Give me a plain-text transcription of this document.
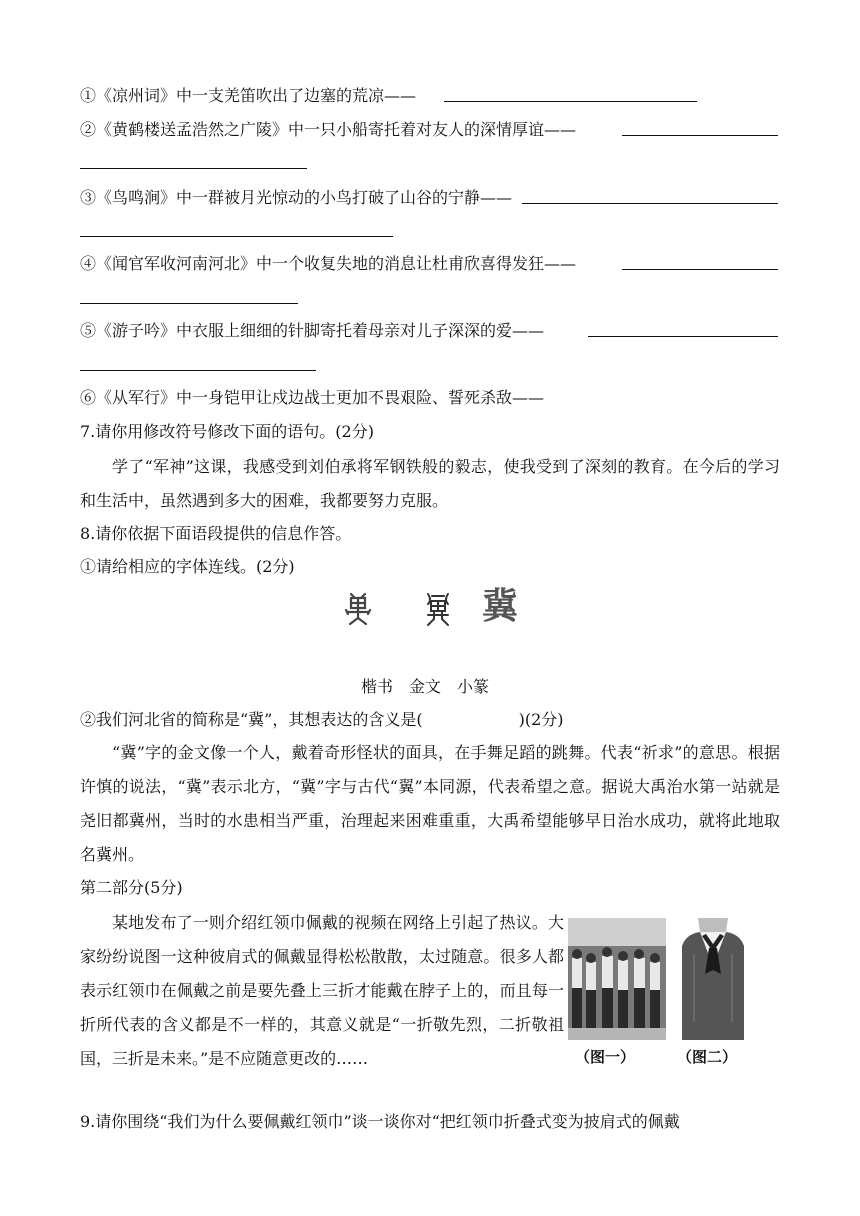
①《凉州词》中一支羌笛吹出了边塞的荒凉——
②《黄鹤楼送孟浩然之广陵》中一只小船寄托着对友人的深情厚谊——
③《鸟鸣涧》中一群被月光惊动的小鸟打破了山谷的宁静——
④《闻官军收河南河北》中一个收复失地的消息让杜甫欣喜得发狂——
⑤《游子吟》中衣服上细细的针脚寄托着母亲对儿子深深的爱——
⑥《从军行》中一身铠甲让戍边战士更加不畏艰险、誓死杀敌——
7.请你用修改符号修改下面的语句。(2分)
学了“军神”这课，我感受到刘伯承将军钢铁般的毅志，使我受到了深刻的教育。在今后的学习和生活中，虽然遇到多大的困难，我都要努力克服。
8.请你依据下面语段提供的信息作答。
①请给相应的字体连线。(2分)
冀
楷书　金文　小篆
②我们河北省的简称是“冀”，其想表达的含义是(	)(2分)
“冀”字的金文像一个人，戴着奇形怪状的面具，在手舞足蹈的跳舞。代表“祈求”的意思。根据许慎的说法，“冀”表示北方，“冀”字与古代“翼”本同源，代表希望之意。据说大禹治水第一站就是尧旧都冀州，当时的水患相当严重，治理起来困难重重，大禹希望能够早日治水成功，就将此地取名冀州。
第二部分(5分)
某地发布了一则介绍红领巾佩戴的视频在网络上引起了热议。大家纷纷说图一这种彼肩式的佩戴显得松松散散，太过随意。很多人都表示红领巾在佩戴之前是要先叠上三折才能戴在脖子上的，而且每一折所代表的含义都是不一样的，其意义就是“一折敬先烈，二折敬祖国，三折是未来。”是不应随意更改的……	（图一）	（图二）
9.请你围绕“我们为什么要佩戴红领巾”谈一谈你对“把红领巾折叠式变为披肩式的佩戴
